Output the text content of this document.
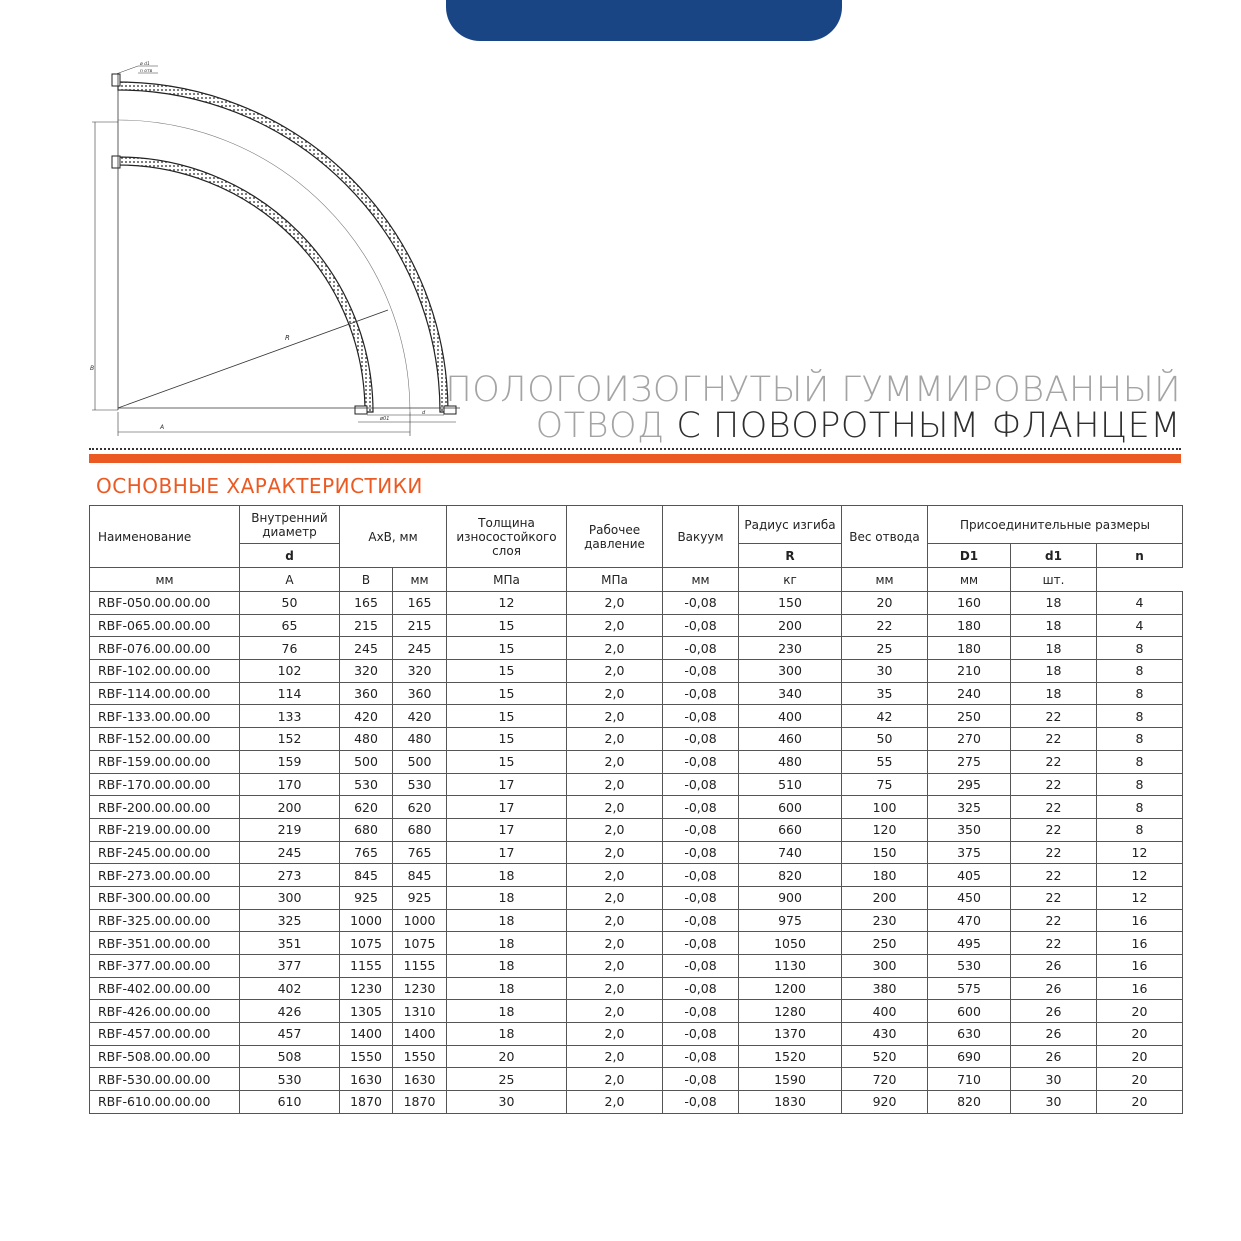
R
B
A
ø01
d
ø d1
n отв
ПОЛОГОИЗОГНУТЫЙ ГУММИРОВАННЫЙ
ОТВОД С ПОВОРОТНЫМ ФЛАНЦЕМ
ОСНОВНЫЕ ХАРАКТЕРИСТИКИ
Наименование	Внутренний диаметр	AxB, мм		Толщина износостойкого слоя	Рабочее давление	Вакуум	Радиус изгиба	Вес отвода	Присоединительные размеры		
	d						R		D1	d1	n
мм	A	B	мм	МПа	МПа	мм	кг	мм	мм	шт.	
RBF-050.00.00.00	50	165	165	12	2,0	-0,08	150	20	160	18	4
RBF-065.00.00.00	65	215	215	15	2,0	-0,08	200	22	180	18	4
RBF-076.00.00.00	76	245	245	15	2,0	-0,08	230	25	180	18	8
RBF-102.00.00.00	102	320	320	15	2,0	-0,08	300	30	210	18	8
RBF-114.00.00.00	114	360	360	15	2,0	-0,08	340	35	240	18	8
RBF-133.00.00.00	133	420	420	15	2,0	-0,08	400	42	250	22	8
RBF-152.00.00.00	152	480	480	15	2,0	-0,08	460	50	270	22	8
RBF-159.00.00.00	159	500	500	15	2,0	-0,08	480	55	275	22	8
RBF-170.00.00.00	170	530	530	17	2,0	-0,08	510	75	295	22	8
RBF-200.00.00.00	200	620	620	17	2,0	-0,08	600	100	325	22	8
RBF-219.00.00.00	219	680	680	17	2,0	-0,08	660	120	350	22	8
RBF-245.00.00.00	245	765	765	17	2,0	-0,08	740	150	375	22	12
RBF-273.00.00.00	273	845	845	18	2,0	-0,08	820	180	405	22	12
RBF-300.00.00.00	300	925	925	18	2,0	-0,08	900	200	450	22	12
RBF-325.00.00.00	325	1000	1000	18	2,0	-0,08	975	230	470	22	16
RBF-351.00.00.00	351	1075	1075	18	2,0	-0,08	1050	250	495	22	16
RBF-377.00.00.00	377	1155	1155	18	2,0	-0,08	1130	300	530	26	16
RBF-402.00.00.00	402	1230	1230	18	2,0	-0,08	1200	380	575	26	16
RBF-426.00.00.00	426	1305	1310	18	2,0	-0,08	1280	400	600	26	20
RBF-457.00.00.00	457	1400	1400	18	2,0	-0,08	1370	430	630	26	20
RBF-508.00.00.00	508	1550	1550	20	2,0	-0,08	1520	520	690	26	20
RBF-530.00.00.00	530	1630	1630	25	2,0	-0,08	1590	720	710	30	20
RBF-610.00.00.00	610	1870	1870	30	2,0	-0,08	1830	920	820	30	20
